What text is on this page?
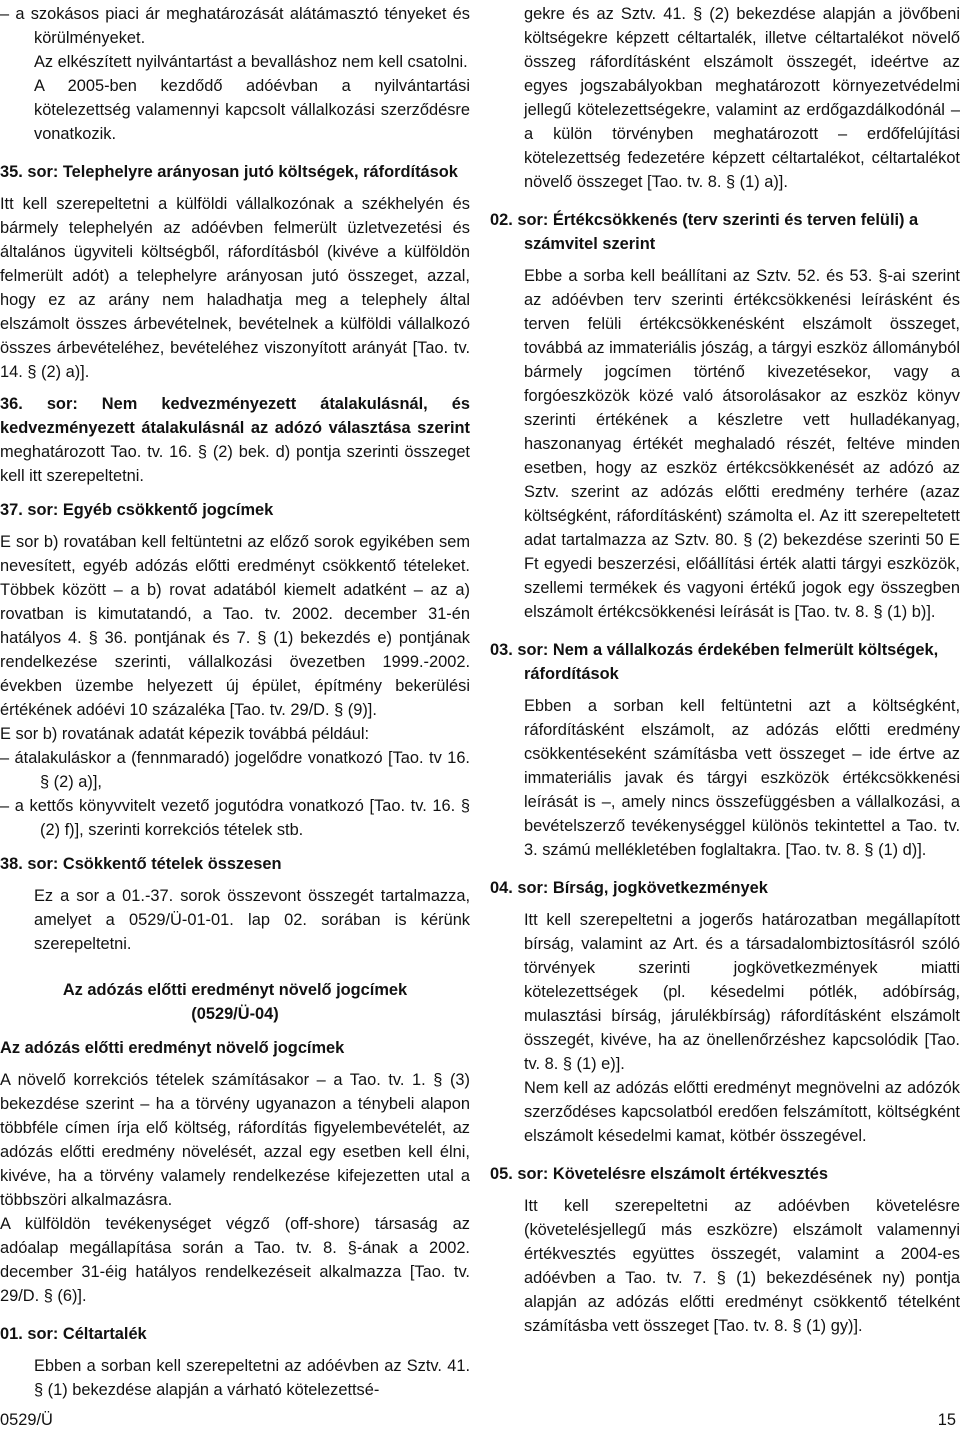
– a szokásos piaci ár meghatározását alátámasztó tényeket és körülményeket.

Az elkészített nyilvántartást a bevalláshoz nem kell csatolni.

A 2005-ben kezdődő adóévban a nyilvántartási kötelezettség valamennyi kapcsolt vállalkozási szerződésre vonatkozik.

35. sor: Telephelyre arányosan jutó költségek, ráfordítások

Itt kell szerepeltetni a külföldi vállalkozónak a székhelyén és bármely telephelyén az adóévben felmerült üzletvezetési és általános ügyviteli költségből, ráfordításból (kivéve a külföldön felmerült adót) a telephelyre arányosan jutó összeget, azzal, hogy ez az arány nem haladhatja meg a telephely által elszámolt összes árbevételnek, bevételnek a külföldi vállalkozó összes árbevételéhez, bevételéhez viszonyított arányát [Tao. tv. 14. § (2) a)].

36. sor: Nem kedvezményezett átalakulásnál, és kedvezményezett átalakulásnál az adózó választása szerint meghatározott Tao. tv. 16. § (2) bek. d) pontja szerinti összeget kell itt szerepeltetni.

37. sor: Egyéb csökkentő jogcímek

E sor b) rovatában kell feltüntetni az előző sorok egyikében sem nevesített, egyéb adózás előtti eredményt csökkentő tételeket. Többek között – a b) rovat adatából kiemelt adatként – az a) rovatban is kimutatandó, a Tao. tv. 2002. december 31-én hatályos 4. § 36. pontjának és 7. § (1) bekezdés e) pontjának rendelkezése szerinti, vállalkozási övezetben 1999.-2002. években üzembe helyezett új épület, építmény bekerülési értékének adóévi 10 százaléka [Tao. tv. 29/D. § (9)].

E sor b) rovatának adatát képezik továbbá például:

– átalakuláskor a (fennmaradó) jogelődre vonatkozó [Tao. tv 16. § (2) a)],

– a kettős könyvvitelt vezető jogutódra vonatkozó [Tao. tv. 16. § (2) f)], szerinti korrekciós tételek stb.

38. sor: Csökkentő tételek összesen

Ez a sor a 01.-37. sorok összevont összegét tartalmazza, amelyet a 0529/Ü-01-01. lap 02. sorában is kérünk szerepeltetni.

Az adózás előtti eredményt növelő jogcímek

(0529/Ü-04)

Az adózás előtti eredményt növelő jogcímek

A növelő korrekciós tételek számításakor – a Tao. tv. 1. § (3) bekezdése szerint – ha a törvény ugyanazon a ténybeli alapon többféle címen írja elő költség, ráfordítás figyelembevételét, az adózás előtti eredmény növelését, azzal egy esetben kell élni, kivéve, ha a törvény valamely rendelkezése kifejezetten utal a többszöri alkalmazásra.

A külföldön tevékenységet végző (off-shore) társaság az adóalap megállapítása során a Tao. tv. 8. §-ának a 2002. december 31-éig hatályos rendelkezéseit alkalmazza [Tao. tv. 29/D. § (6)].

01. sor: Céltartalék

Ebben a sorban kell szerepeltetni az adóévben az Sztv. 41. § (1) bekezdése alapján a várható kötelezettsé-

gekre és az Sztv. 41. § (2) bekezdése alapján a jövőbeni költségekre képzett céltartalék, illetve céltartalékot növelő összeg ráfordításként elszámolt összegét, ideértve az egyes jogszabályokban meghatározott környezetvédelmi jellegű kötelezettségekre, valamint az erdőgazdálkodónál – a külön törvényben meghatározott – erdőfelújítási kötelezettség fedezetére képzett céltartalékot, céltartalékot növelő összeget [Tao. tv. 8. § (1) a)].

02. sor: Értékcsökkenés (terv szerinti és terven felüli) a számvitel szerint

Ebbe a sorba kell beállítani az Sztv. 52. és 53. §-ai szerint az adóévben terv szerinti értékcsökkenési leírásként és terven felüli értékcsökkenésként elszámolt összeget, továbbá az immateriális jószág, a tárgyi eszköz állományból bármely jogcímen történő kivezetésekor, vagy a forgóeszközök közé való átsorolásakor az eszköz könyv szerinti értékének a készletre vett hulladékanyag, haszonanyag értékét meghaladó részét, feltéve minden esetben, hogy az eszköz értékcsökkenését az adózó az Sztv. szerint az adózás előtti eredmény terhére (azaz költségként, ráfordításként) számolta el. Az itt szerepeltetett adat tartalmazza az Sztv. 80. § (2) bekezdése szerinti 50 E Ft egyedi beszerzési, előállítási érték alatti tárgyi eszközök, szellemi termékek és vagyoni értékű jogok egy összegben elszámolt értékcsökkenési leírását is [Tao. tv. 8. § (1) b)].

03. sor: Nem a vállalkozás érdekében felmerült költségek, ráfordítások

Ebben a sorban kell feltüntetni azt a költségként, ráfordításként elszámolt, az adózás előtti eredmény csökkentéseként számításba vett összeget – ide értve az immateriális javak és tárgyi eszközök értékcsökkenési leírását is –, amely nincs összefüggésben a vállalkozási, a bevételszerző tevékenységgel különös tekintettel a Tao. tv. 3. számú mellékletében foglaltakra. [Tao. tv. 8. § (1) d)].

04. sor: Bírság, jogkövetkezmények

Itt kell szerepeltetni a jogerős határozatban megállapított bírság, valamint az Art. és a társadalombiztosításról szóló törvények szerinti jogkövetkezmények miatti kötelezettségek (pl. késedelmi pótlék, adóbírság, mulasztási bírság, járulékbírság) ráfordításként elszámolt összegét, kivéve, ha az önellenőrzéshez kapcsolódik [Tao. tv. 8. § (1) e)].

Nem kell az adózás előtti eredményt megnövelni az adózók szerződéses kapcsolatból eredően felszámított, költségként elszámolt késedelmi kamat, kötbér összegével.

05. sor: Követelésre elszámolt értékvesztés

Itt kell szerepeltetni az adóévben követelésre (követelésjellegű más eszközre) elszámolt valamennyi értékvesztés együttes összegét, valamint a 2004-es adóévben a Tao. tv. 7. § (1) bekezdésének ny) pontja alapján az adózás előtti eredményt csökkentő tételként számításba vett összeget [Tao. tv. 8. § (1) gy)].

0529/Ü	15
